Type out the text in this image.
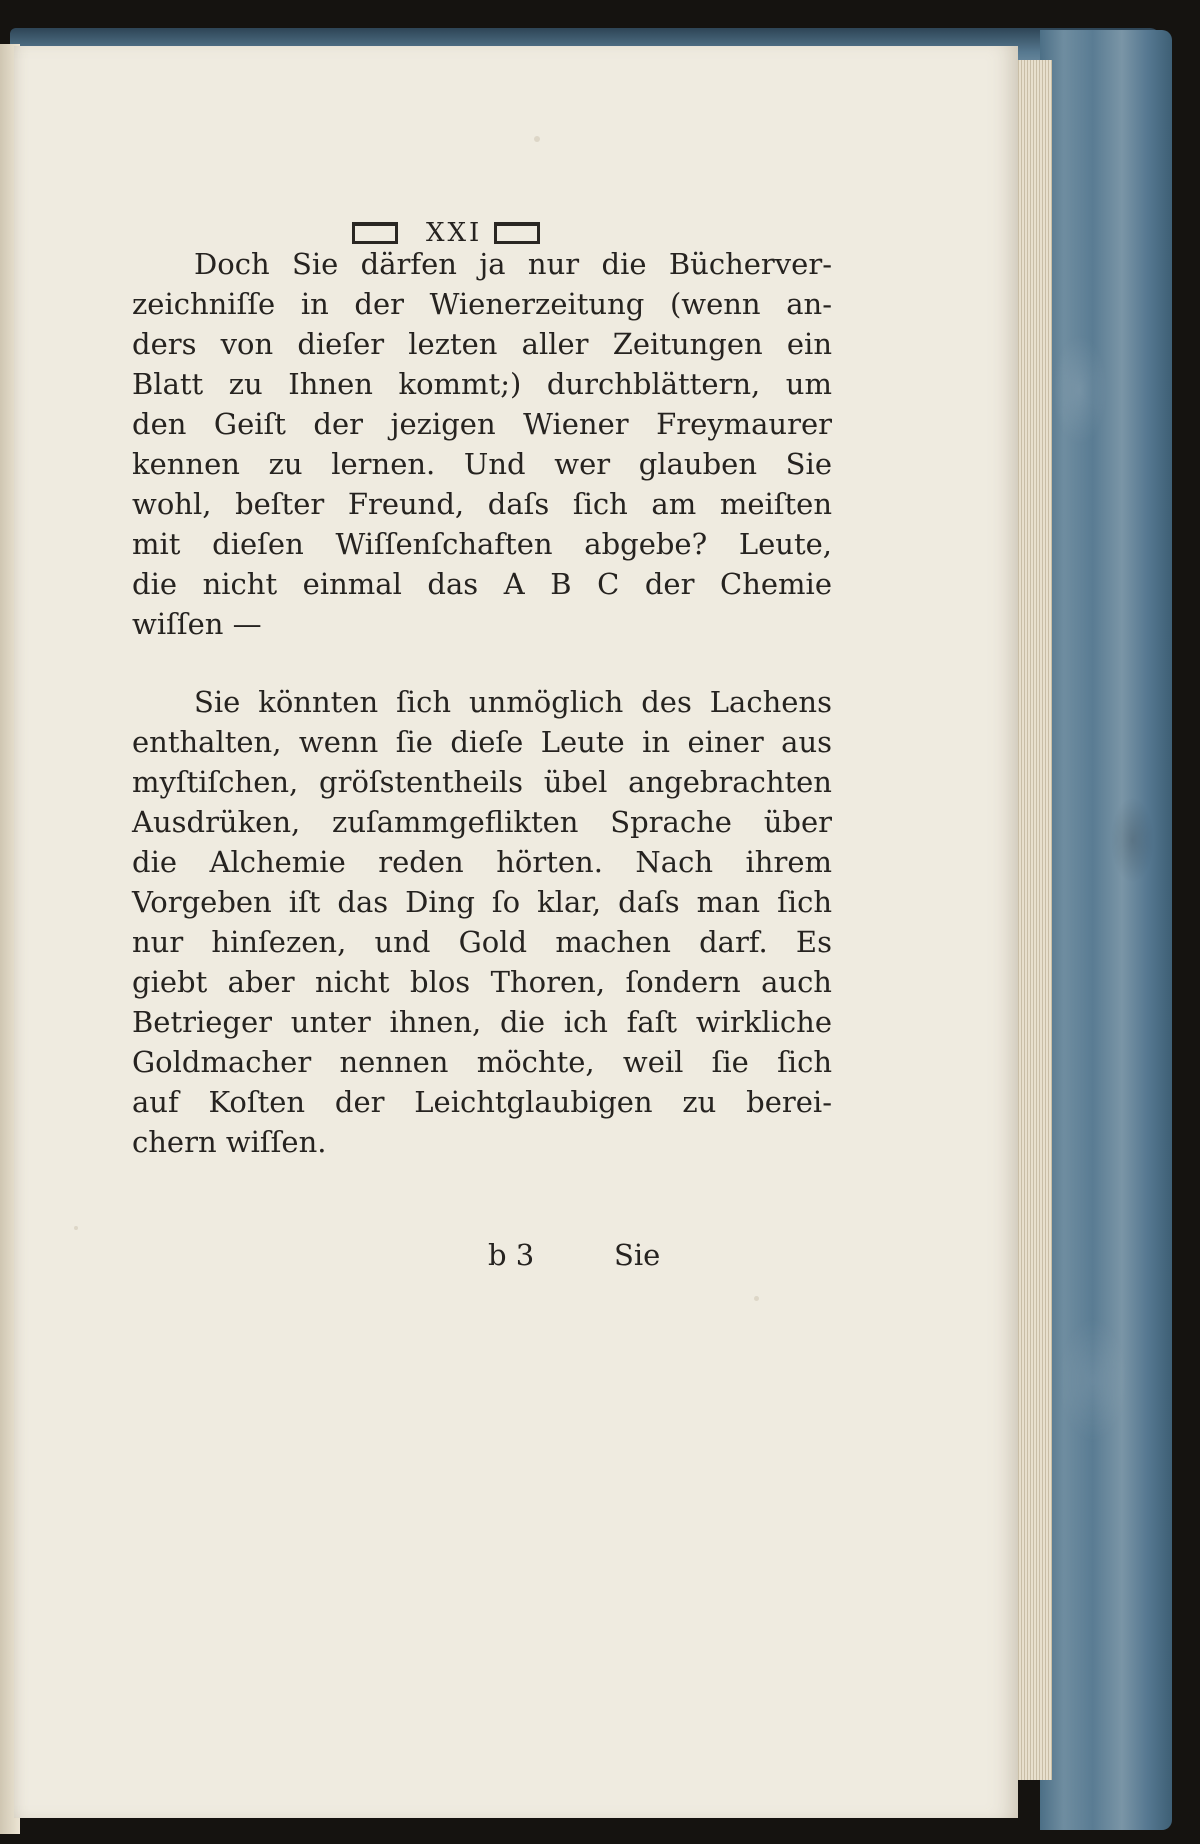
XXI
Doch Sie därfen ja nur die Bücherver-
zeichniſſe in der Wienerzeitung (wenn an-
ders von dieſer lezten aller Zeitungen ein
Blatt zu Ihnen kommt;) durchblättern, um
den Geiſt der jezigen Wiener Freymaurer
kennen zu lernen. Und wer glauben Sie
wohl, beſter Freund, daſs ſich am meiſten
mit dieſen Wiſſenſchaften abgebe? Leute,
die nicht einmal das A B C der Chemie
wiſſen —
Sie könnten ſich unmöglich des Lachens
enthalten, wenn ſie dieſe Leute in einer aus
myſtiſchen, gröſstentheils übel angebrachten
Ausdrüken, zuſammgeflikten Sprache über
die Alchemie reden hörten. Nach ihrem
Vorgeben iſt das Ding ſo klar, daſs man ſich
nur hinſezen, und Gold machen darf. Es
giebt aber nicht blos Thoren, ſondern auch
Betrieger unter ihnen, die ich faſt wirkliche
Goldmacher nennen möchte, weil ſie ſich
auf Koſten der Leichtglaubigen zu berei-
chern wiſſen.
b 3	Sie
